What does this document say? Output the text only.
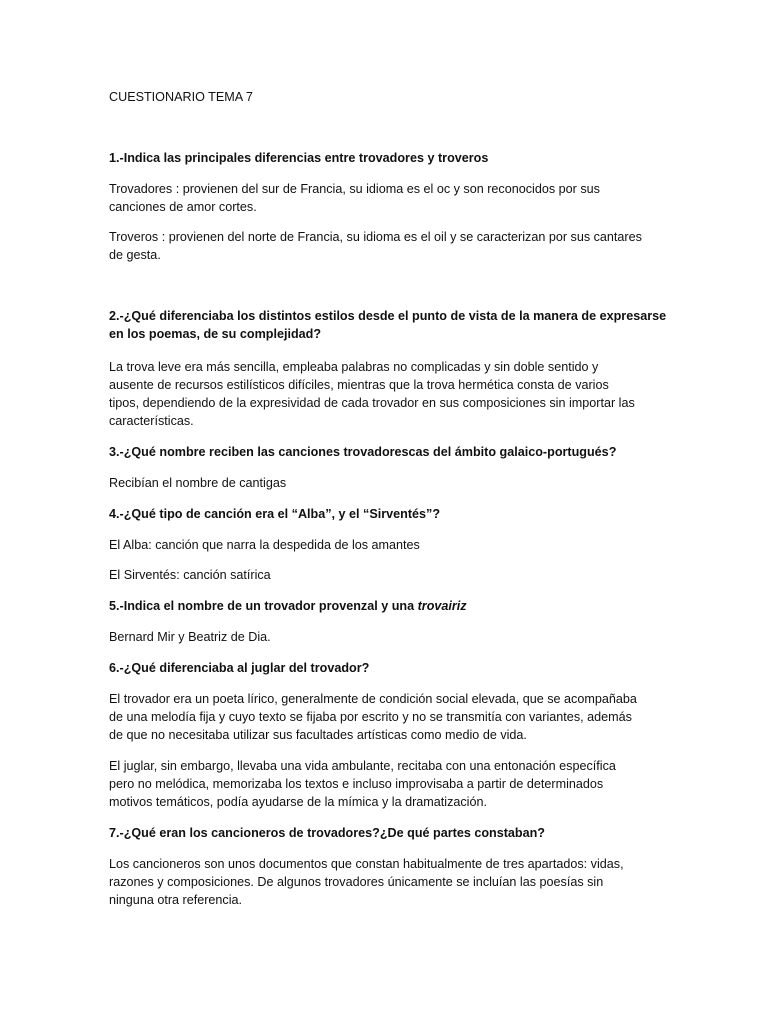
CUESTIONARIO TEMA 7

1.-Indica las principales diferencias entre trovadores y troveros

Trovadores : provienen del sur de Francia, su idioma es el oc y son reconocidos por sus

canciones de amor cortes.

Troveros : provienen del norte de Francia, su idioma es el oil y se caracterizan por sus cantares

de gesta.

2.-¿Qué diferenciaba los distintos estilos desde el punto de vista de la manera de expresarse

en los poemas, de su complejidad?

La trova leve era más sencilla, empleaba palabras no complicadas y sin doble sentido y

ausente de recursos estilísticos difíciles, mientras que la trova hermética consta de varios

tipos, dependiendo de la expresividad de cada trovador en sus composiciones sin importar las

características.

3.-¿Qué nombre reciben las canciones trovadorescas del ámbito galaico-portugués?

Recibían el nombre de cantigas

4.-¿Qué tipo de canción era el “Alba”, y el “Sirventés”?

El Alba: canción que narra la despedida de los amantes

El Sirventés: canción satírica

5.-Indica el nombre de un trovador provenzal y una trovairiz

Bernard Mir y Beatriz de Dia.

6.-¿Qué diferenciaba al juglar del trovador?

El trovador era un poeta lírico, generalmente de condición social elevada, que se acompañaba

de una melodía fija y cuyo texto se fijaba por escrito y no se transmitía con variantes, además

de que no necesitaba utilizar sus facultades artísticas como medio de vida.

El juglar, sin embargo, llevaba una vida ambulante, recitaba con una entonación específica

pero no melódica, memorizaba los textos e incluso improvisaba a partir de determinados

motivos temáticos, podía ayudarse de la mímica y la dramatización.

7.-¿Qué eran los cancioneros de trovadores?¿De qué partes constaban?

Los cancioneros son unos documentos que constan habitualmente de tres apartados: vidas,

razones y composiciones. De algunos trovadores únicamente se incluían las poesías sin

ninguna otra referencia.
